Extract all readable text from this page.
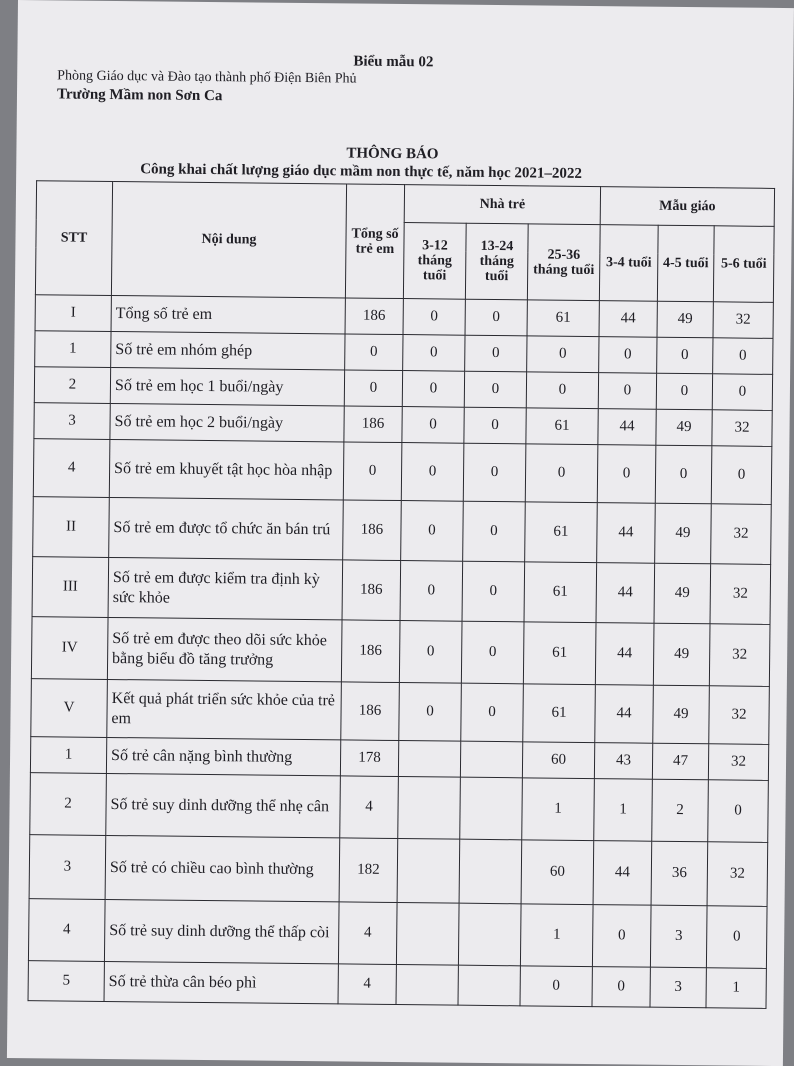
Biểu mẫu 02
Phòng Giáo dục và Đào tạo thành phố Điện Biên Phủ
Trường Mầm non Sơn Ca
THÔNG BÁO
Công khai chất lượng giáo dục mầm non thực tế, năm học 2021–2022
STT	Nội dung	Tổng số trẻ em	Nhà trẻ			Mẫu giáo		
			3-12 tháng tuổi	13-24 tháng tuổi	25-36 tháng tuổi	3-4 tuổi	4-5 tuổi	5-6 tuổi

I	Tổng số trẻ em	186	0	0	61	44	49	32
1	Số trẻ em nhóm ghép	0	0	0	0	0	0	0
2	Số trẻ em học 1 buổi/ngày	0	0	0	0	0	0	0
3	Số trẻ em học 2 buổi/ngày	186	0	0	61	44	49	32
4	Số trẻ em khuyết tật học hòa nhập	0	0	0	0	0	0	0
II	Số trẻ em được tổ chức ăn bán trú	186	0	0	61	44	49	32
III	Số trẻ em được kiểm tra định kỳ sức khỏe	186	0	0	61	44	49	32
IV	Số trẻ em được theo dõi sức khỏe bằng biểu đồ tăng trưởng	186	0	0	61	44	49	32
V	Kết quả phát triển sức khỏe của trẻ em	186	0	0	61	44	49	32
1	Số trẻ cân nặng bình thường	178			60	43	47	32
2	Số trẻ suy dinh dưỡng thể nhẹ cân	4			1	1	2	0
3	Số trẻ có chiều cao bình thường	182			60	44	36	32
4	Số trẻ suy dinh dưỡng thể thấp còi	4			1	0	3	0
5	Số trẻ thừa cân béo phì	4			0	0	3	1
